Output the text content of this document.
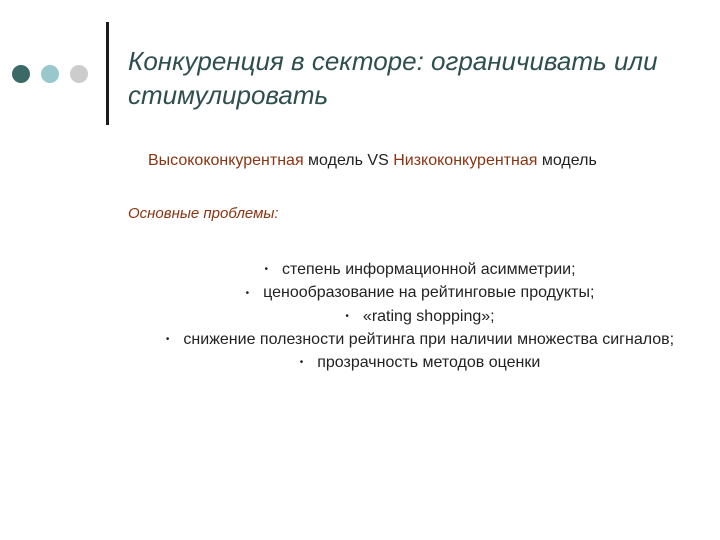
Конкуренция в секторе: ограничивать или стимулировать
Высококонкурентная модель VS Низкоконкурентная модель
Основные проблемы:
• степень информационной асимметрии;
• ценообразование на рейтинговые продукты;
• «rating shopping»;
• снижение полезности рейтинга при наличии множества сигналов;
• прозрачность методов оценки
